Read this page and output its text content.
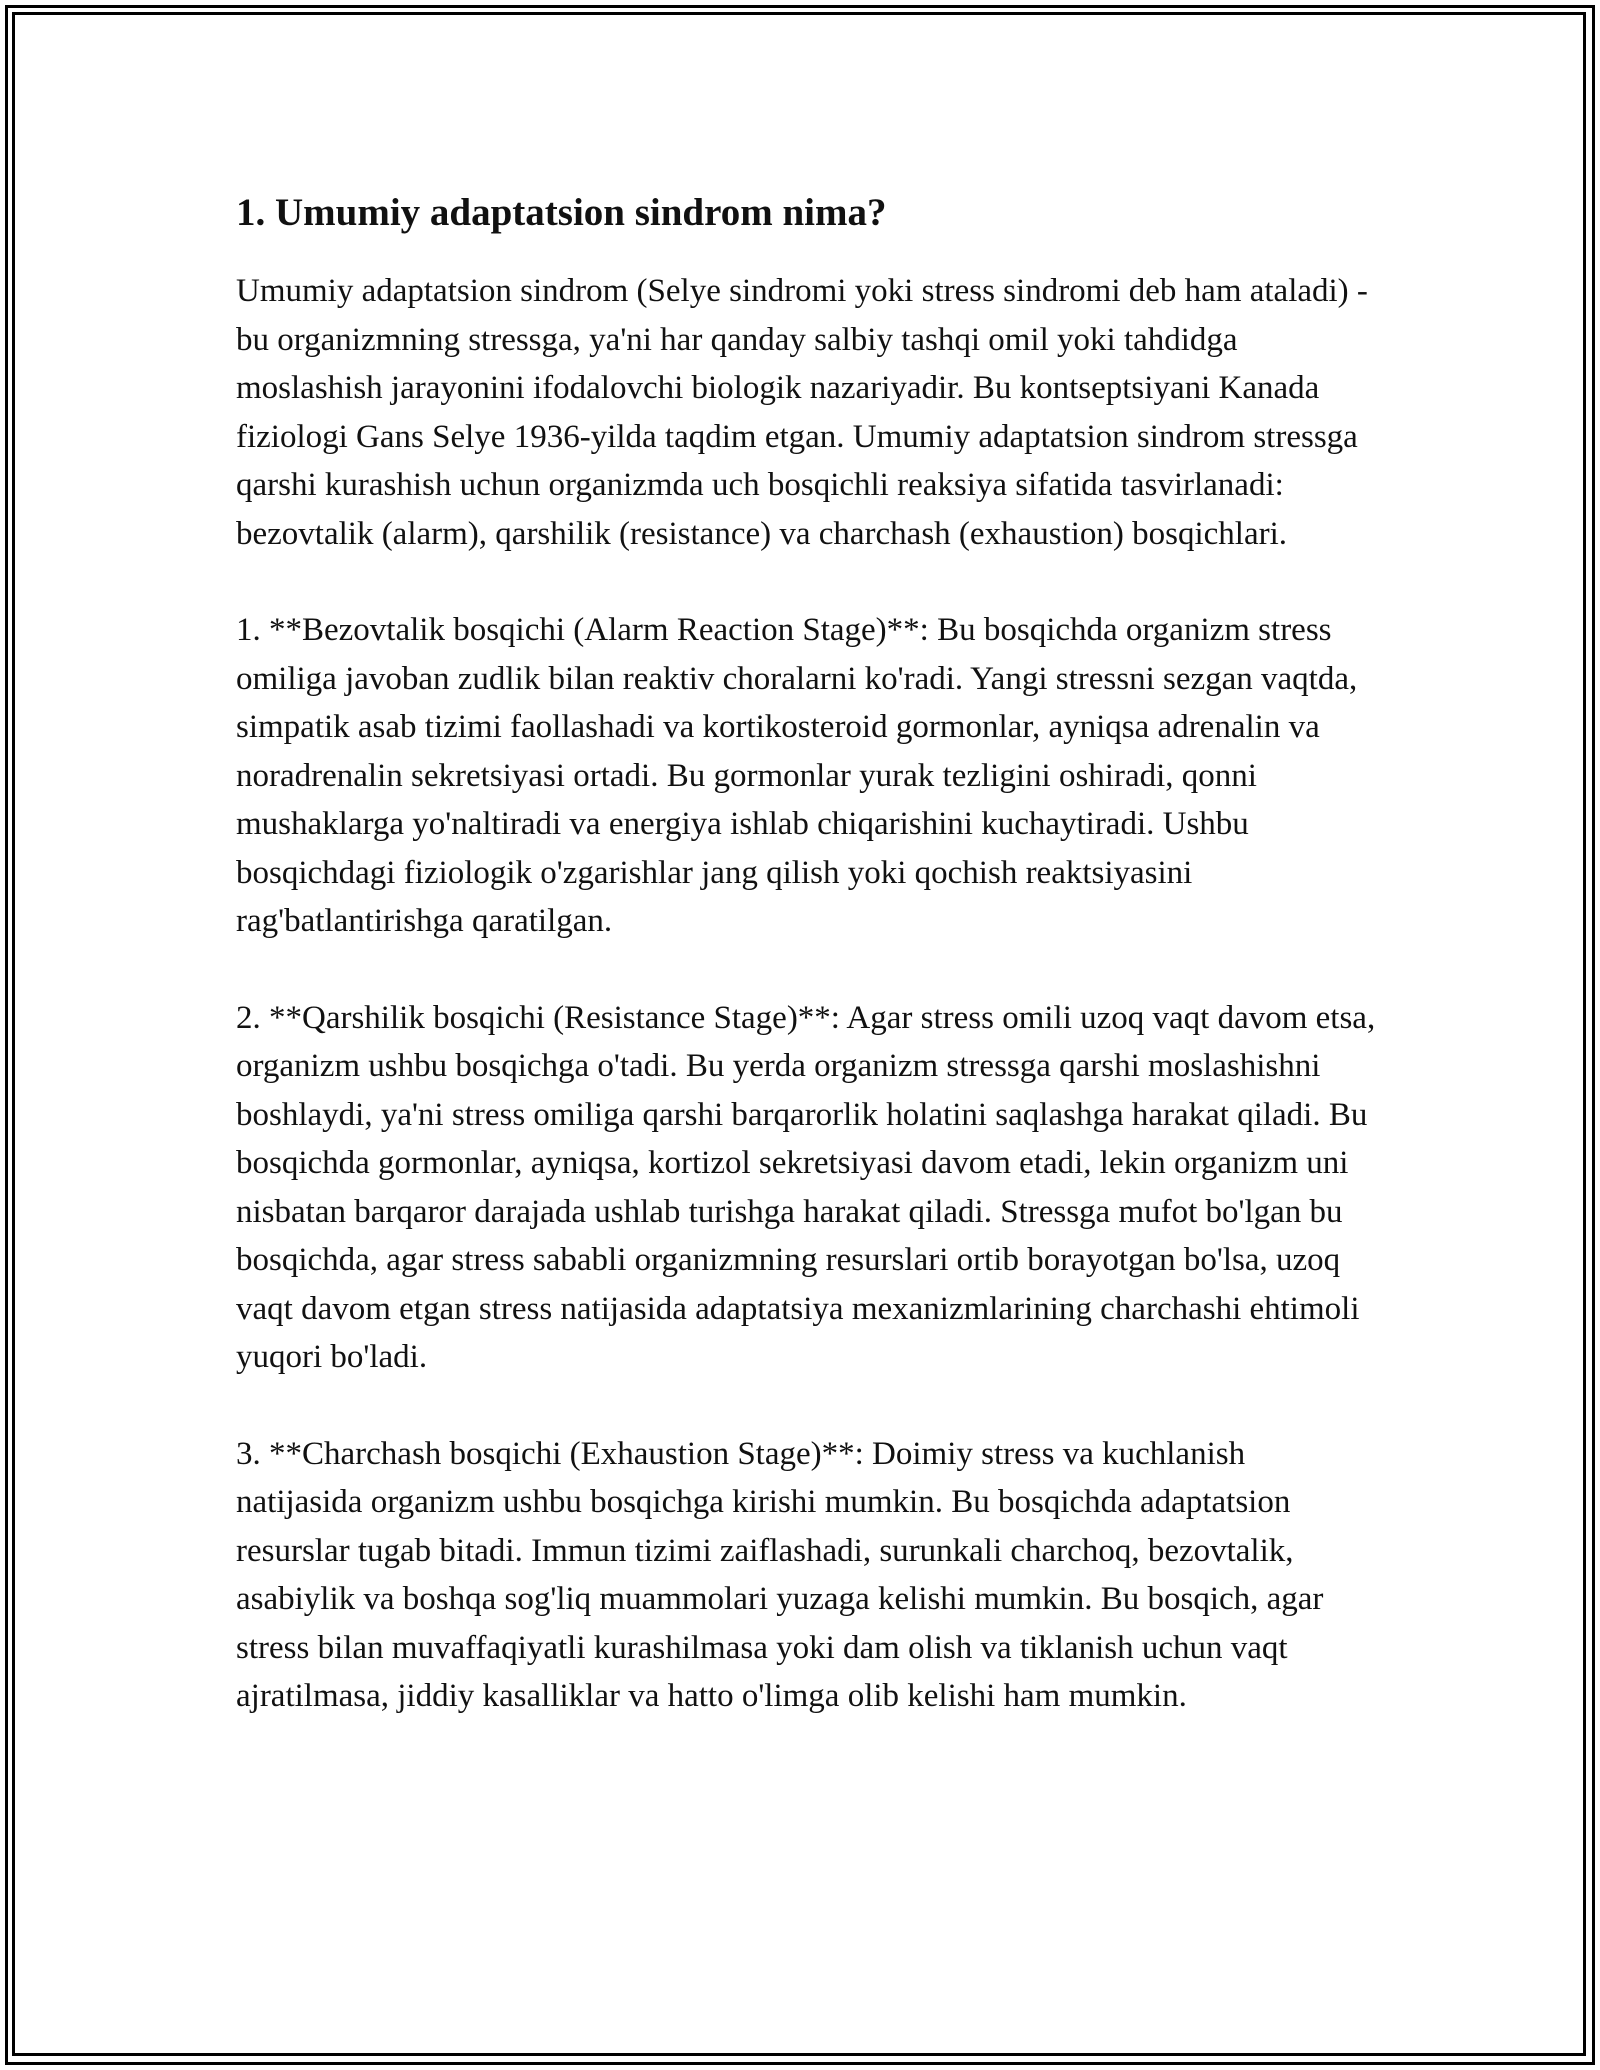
1. Umumiy adaptatsion sindrom nima?

Umumiy adaptatsion sindrom (Selye sindromi yoki stress sindromi deb ham ataladi) - bu organizmning stressga, ya'ni har qanday salbiy tashqi omil yoki tahdidga moslashish jarayonini ifodalovchi biologik nazariyadir. Bu kontseptsiyani Kanada fiziologi Gans Selye 1936-yilda taqdim etgan. Umumiy adaptatsion sindrom stressga qarshi kurashish uchun organizmda uch bosqichli reaksiya sifatida tasvirlanadi: bezovtalik (alarm), qarshilik (resistance) va charchash (exhaustion) bosqichlari.

1. **Bezovtalik bosqichi (Alarm Reaction Stage)**: Bu bosqichda organizm stress omiliga javoban zudlik bilan reaktiv choralarni ko'radi. Yangi stressni sezgan vaqtda, simpatik asab tizimi faollashadi va kortikosteroid gormonlar, ayniqsa adrenalin va noradrenalin sekretsiyasi ortadi. Bu gormonlar yurak tezligini oshiradi, qonni mushaklarga yo'naltiradi va energiya ishlab chiqarishini kuchaytiradi. Ushbu bosqichdagi fiziologik o'zgarishlar jang qilish yoki qochish reaktsiyasini rag'batlantirishga qaratilgan.

2. **Qarshilik bosqichi (Resistance Stage)**: Agar stress omili uzoq vaqt davom etsa, organizm ushbu bosqichga o'tadi. Bu yerda organizm stressga qarshi moslashishni boshlaydi, ya'ni stress omiliga qarshi barqarorlik holatini saqlashga harakat qiladi. Bu bosqichda gormonlar, ayniqsa, kortizol sekretsiyasi davom etadi, lekin organizm uni nisbatan barqaror darajada ushlab turishga harakat qiladi. Stressga mufot bo'lgan bu bosqichda, agar stress sababli organizmning resurslari ortib borayotgan bo'lsa, uzoq vaqt davom etgan stress natijasida adaptatsiya mexanizmlarining charchashi ehtimoli yuqori bo'ladi.

3. **Charchash bosqichi (Exhaustion Stage)**: Doimiy stress va kuchlanish natijasida organizm ushbu bosqichga kirishi mumkin. Bu bosqichda adaptatsion resurslar tugab bitadi. Immun tizimi zaiflashadi, surunkali charchoq, bezovtalik, asabiylik va boshqa sog'liq muammolari yuzaga kelishi mumkin. Bu bosqich, agar stress bilan muvaffaqiyatli kurashilmasa yoki dam olish va tiklanish uchun vaqt ajratilmasa, jiddiy kasalliklar va hatto o'limga olib kelishi ham mumkin.
